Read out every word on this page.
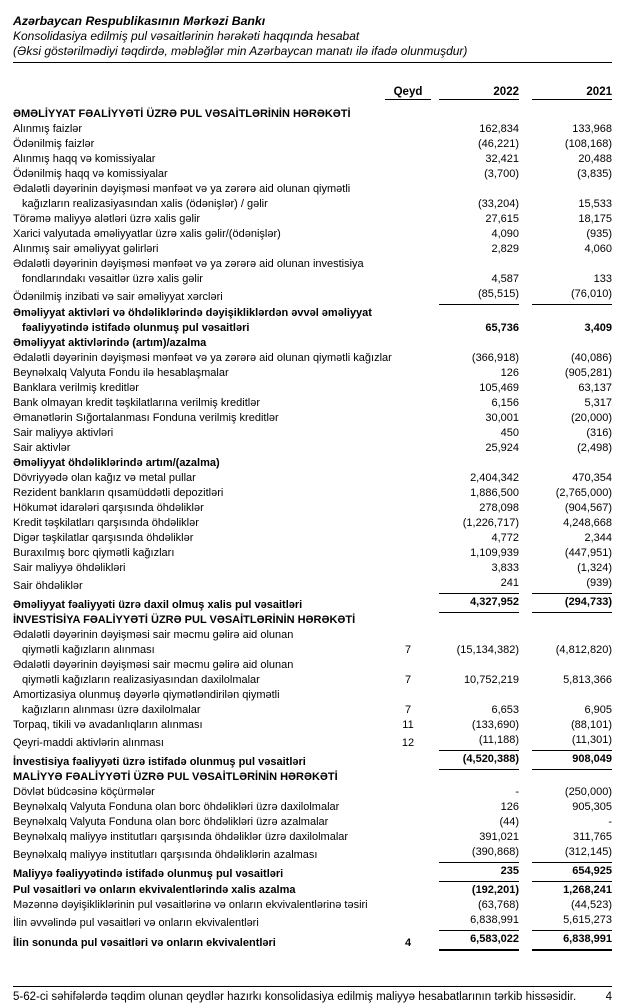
Azərbaycan Respublikasının Mərkəzi Bankı
Konsolidasiya edilmiş pul vəsaitlərinin hərəkəti haqqında hesabat
(Əksi göstərilmədiyi təqdirdə, məbləğlər min Azərbaycan manatı ilə ifadə olunmuşdur)
Qeyd	2022	2021
ƏMƏLİYYAT FƏALİYYƏTİ ÜZRƏ PUL VƏSAİTLƏRİNİN HƏRƏKƏTİ
Alınmış faizlər	162,834	133,968
Ödənilmiş faizlər	(46,221)	(108,168)
Alınmış haqq və komissiyalar	32,421	20,488
Ödənilmiş haqq və komissiyalar	(3,700)	(3,835)
Ədalətli dəyərinin dəyişməsi mənfəət və ya zərərə aid olunan qiymətli
kağızların realizasiyasından xalis (ödənişlər) / gəlir	(33,204)	15,533
Törəmə maliyyə alətləri üzrə xalis gəlir	27,615	18,175
Xarici valyutada əməliyyatlar üzrə xalis gəlir/(ödənişlər)	4,090	(935)
Alınmış sair əməliyyat gəlirləri	2,829	4,060
Ədalətli dəyərinin dəyişməsi mənfəət və ya zərərə aid olunan investisiya
fondlarındakı vəsaitlər üzrə xalis gəlir	4,587	133
Ödənilmiş inzibati və sair əməliyyat xərcləri	(85,515)	(76,010)
Əməliyyat aktivləri və öhdəliklərində dəyişikliklərdən əvvəl əməliyyat
fəaliyyətində istifadə olunmuş pul vəsaitləri	65,736	3,409
Əməliyyat aktivlərində (artım)/azalma
Ədalətli dəyərinin dəyişməsi mənfəət və ya zərərə aid olunan qiymətli kağızlar	(366,918)	(40,086)
Beynəlxalq Valyuta Fondu ilə hesablaşmalar	126	(905,281)
Banklara verilmiş kreditlər	105,469	63,137
Bank olmayan kredit təşkilatlarına verilmiş kreditlər	6,156	5,317
Əmanətlərin Sığortalanması Fonduna verilmiş kreditlər	30,001	(20,000)
Sair maliyyə aktivləri	450	(316)
Sair aktivlər	25,924	(2,498)
Əməliyyat öhdəliklərində artım/(azalma)
Dövriyyədə olan kağız və metal pullar	2,404,342	470,354
Rezident bankların qısamüddətli depozitləri	1,886,500	(2,765,000)
Hökumət idarələri qarşısında öhdəliklər	278,098	(904,567)
Kredit təşkilatları qarşısında öhdəliklər	(1,226,717)	4,248,668
Digər təşkilatlar qarşısında öhdəliklər	4,772	2,344
Buraxılmış borc qiymətli kağızları	1,109,939	(447,951)
Sair maliyyə öhdəlikləri	3,833	(1,324)
Sair öhdəliklər	241	(939)
Əməliyyat fəaliyyəti üzrə daxil olmuş xalis pul vəsaitləri	4,327,952	(294,733)
İNVESTİSİYA FƏALİYYƏTİ ÜZRƏ PUL VƏSAİTLƏRİNİN HƏRƏKƏTİ
Ədalətli dəyərinin dəyişməsi sair məcmu gəlirə aid olunan
qiymətli kağızların alınması	7	(15,134,382)	(4,812,820)
Ədalətli dəyərinin dəyişməsi sair məcmu gəlirə aid olunan
qiymətli kağızların realizasiyasından daxilolmalar	7	10,752,219	5,813,366
Amortizasiya olunmuş dəyərlə qiymətləndirilən qiymətli
kağızların alınması üzrə daxilolmalar	7	6,653	6,905
Torpaq, tikili və avadanlıqların alınması	11	(133,690)	(88,101)
Qeyri-maddi aktivlərin alınması	12	(11,188)	(11,301)
İnvestisiya fəaliyyəti üzrə istifadə olunmuş pul vəsaitləri	(4,520,388)	908,049
MALİYYƏ FƏALİYYƏTİ ÜZRƏ PUL VƏSAİTLƏRİNİN HƏRƏKƏTİ
Dövlət büdcəsinə köçürmələr	-	(250,000)
Beynəlxalq Valyuta Fonduna olan borc öhdəlikləri üzrə daxilolmalar	126	905,305
Beynəlxalq Valyuta Fonduna olan borc öhdəlikləri üzrə azalmalar	(44)	-
Beynəlxalq maliyyə institutları qarşısında öhdəliklər üzrə daxilolmalar	391,021	311,765
Beynəlxalq maliyyə institutları qarşısında öhdəliklərin azalması	(390,868)	(312,145)
Maliyyə fəaliyyətində istifadə olunmuş pul vəsaitləri	235	654,925
Pul vəsaitləri və onların ekvivalentlərində xalis azalma	(192,201)	1,268,241
Məzənnə dəyişikliklərinin pul vəsaitlərinə və onların ekvivalentlərinə təsiri	(63,768)	(44,523)
İlin əvvəlində pul vəsaitləri və onların ekvivalentləri	6,838,991	5,615,273
İlin sonunda pul vəsaitləri və onların ekvivalentləri	4	6,583,022	6,838,991
5-62-ci səhifələrdə təqdim olunan qeydlər hazırkı konsolidasiya edilmiş maliyyə hesabatlarının tərkib hissəsidir.	4
